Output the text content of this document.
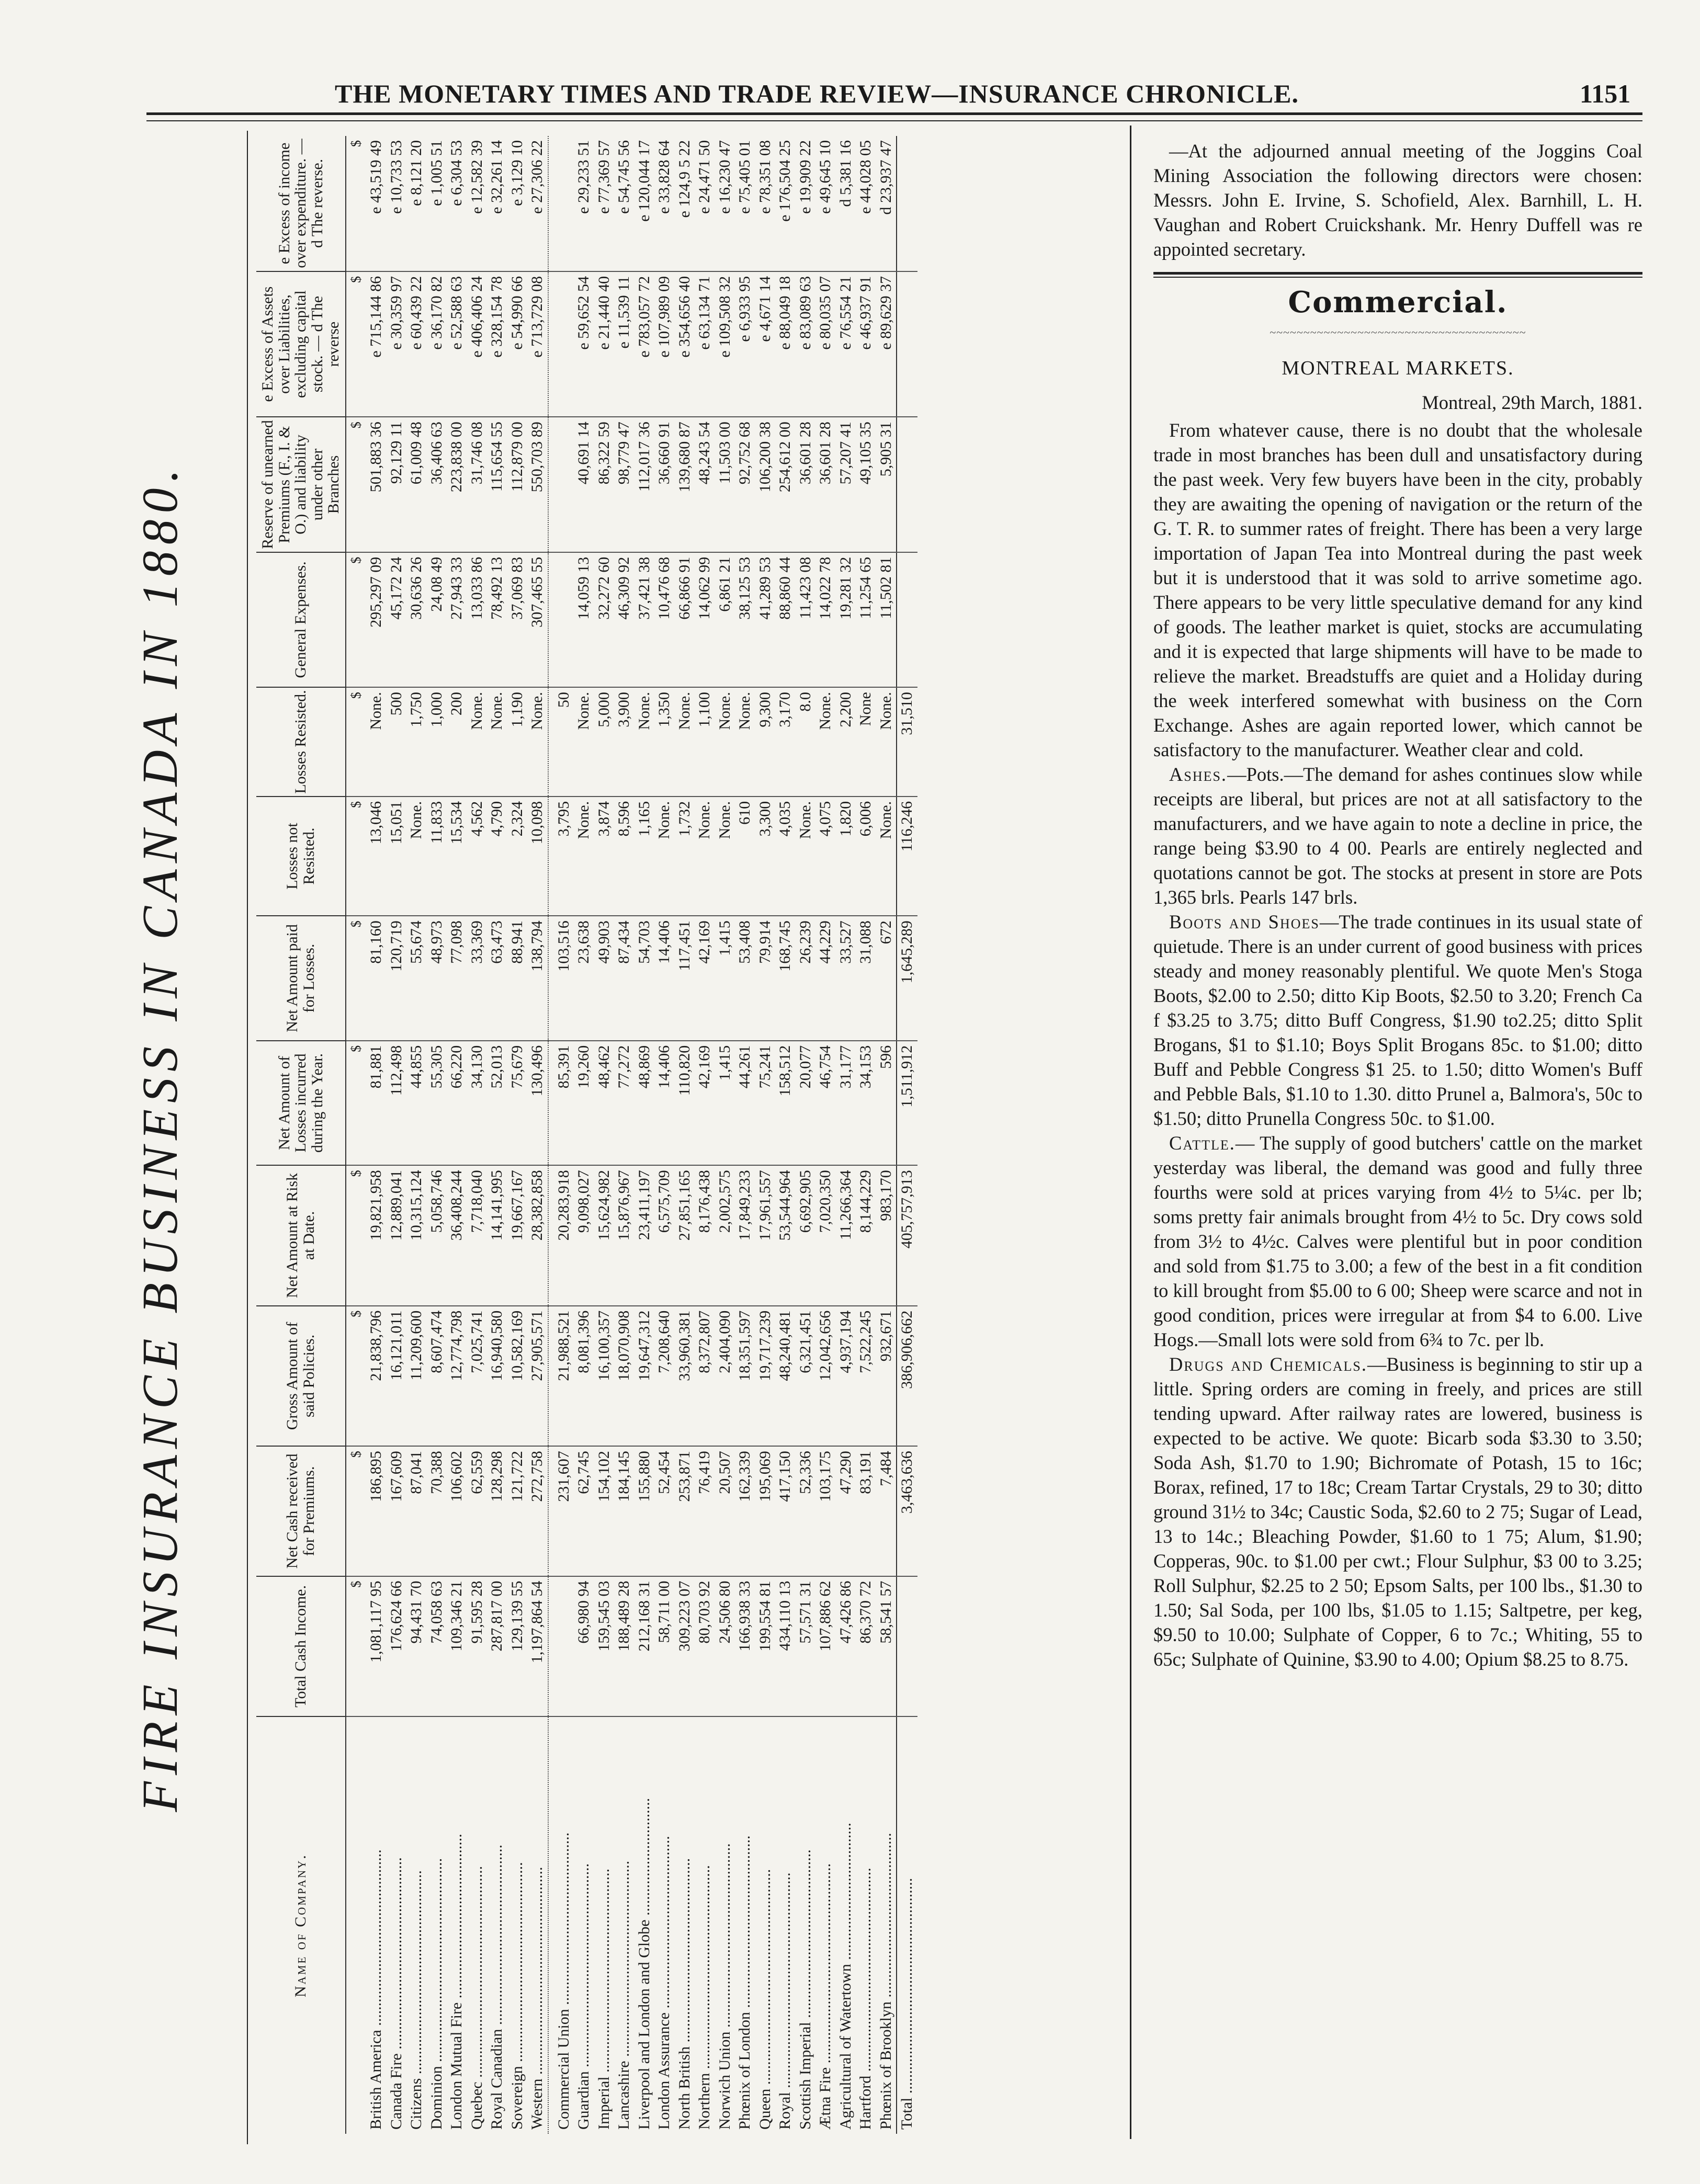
THE MONETARY TIMES AND TRADE REVIEW—INSURANCE CHRONICLE.	1151
FIRE INSURANCE BUSINESS IN CANADA IN 1880.
Name of Company.	Total Cash Income.	Net Cash received for Premiums.	Gross Amount of said Policies.	Net Amount at Risk at Date.	Net Amount of Losses incurred during the Year.	Net Amount paid for Losses.	Losses not Resisted.	Losses Resisted.	General Expenses.	Reserve of unearned Premiums (F., I. & O.) and liability under other Branches	e Excess of Assets over Liabilities, excluding capital stock. — d The reverse	e Excess of income over expenditure. — d The reverse.
	$	$	$	$	$	$	$	$	$	$	$	$
British America .............................................	1,081,117 95	186,895	21,838,796	19,821,958	81,881	81,160	13,046	None.	295,297 09	501,883 36	e 715,144 86	e 43,519 49
Canada Fire .................................................	176,624 66	167,609	16,121,011	12,889,041	112,498	120,719	15,051	500	45,172 24	92,129 11	e 30,359 97	e 10,733 53
Citizens ....................................................	94,431 70	87,041	11,209,600	10,315,124	44,855	55,674	None.	1,750	30,636 26	61,009 48	e 60,439 22	e 8,121 20
Dominion ....................................................	74,058 63	70,388	8,607,474	5,058,746	55,305	48,973	11,833	1,000	24,08 49	36,406 63	e 36,170 82	e 1,005 51
London Mutual Fire ..........................................	109,346 21	106,602	12,774,798	36,408,244	66,220	77,098	15,534	200	27,943 33	223,838 00	e 52,588 63	e 6,304 53
Quebec ......................................................	91,595 28	62,559	7,025,741	7,718,040	34,130	33,369	4,562	None.	13,033 86	31,746 08	e 406,406 24	e 12,582 39
Royal Canadian ..............................................	287,817 00	128,298	16,940,580	14,141,995	52,013	63,473	4,790	None.	78,492 13	115,654 55	e 328,154 78	e 32,261 14
Sovereign ...................................................	129,139 55	121,722	10,582,169	19,667,167	75,679	88,941	2,324	1,190	37,069 83	112,879 00	e 54,990 66	e 3,129 10
Western .....................................................	1,197,864 54	272,758	27,905,571	28,382,858	130,496	138,794	10,098	None.	307,465 55	550,703 89	e 713,729 08	e 27,306 22

Commercial Union ............................................		231,607	21,988,521	20,283,918	85,391	103,516	3,795	50				
Guardian ....................................................	66,980 94	62,745	8,081,396	9,098,027	19,260	23,638	None.	None.	14,059 13	40,691 14	e 59,652 54	e 29,233 51
Imperial ....................................................	159,545 03	154,102	16,100,357	15,624,982	48,462	49,903	3,874	5,000	32,272 60	86,322 59	e 21,440 40	e 77,369 57
Lancashire ..................................................	188,489 28	184,145	18,070,908	15,876,967	77,272	87,434	8,596	3,900	46,309 92	98,779 47	e 11,539 11	e 54,745 56
Liverpool and London and Globe ..............................	212,168 31	155,880	19,647,312	23,411,197	48,869	54,703	1,165	None.	37,421 38	112,017 36	e 783,057 72	e 120,044 17
London Assurance ............................................	58,711 00	52,454	7,208,640	6,575,709	14,406	14,406	None.	1,350	10,476 68	36,660 91	e 107,989 09	e 33,828 64
North British ...............................................	309,223 07	253,871	33,960,381	27,851,165	110,820	117,451	1,732	None.	66,866 91	139,680 87	e 354,656 40	e 124,9 5 22
Northern ....................................................	80,703 92	76,419	8,372,807	8,176,438	42,169	42,169	None.	1,100	14,062 99	48,243 54	e 63,134 71	e 24,471 50
Norwich Union ...............................................	24,506 80	20,507	2,404,090	2,002,575	1,415	1,415	None.	None.	6,861 21	11,503 00	e 109,508 32	e 16,230 47
Phœnix of London ............................................	166,938 33	162,339	18,351,597	17,849,233	44,261	53,408	610	None.	38,125 53	92,752 68	e 6,933 95	e 75,405 01
Queen .......................................................	199,554 81	195,069	19,717,239	17,961,557	75,241	79,914	3,300	9,300	41,289 53	106,200 38	e 4,671 14	e 78,351 08
Royal .......................................................	434,110 13	417,150	48,240,481	53,544,964	158,512	168,745	4,035	3,170	88,860 44	254,612 00	e 88,049 18	e 176,504 25
Scottish Imperial ...........................................	57,571 31	52,336	6,321,451	6,692,905	20,077	26,239	None.	8.0	11,423 08	36,601 28	e 83,089 63	e 19,909 22
Ætna Fire ...................................................	107,886 62	103,175	12,042,656	7,020,350	46,754	44,229	4,075	None.	14,022 78	36,601 28	e 80,035 07	e 49,645 10
Agricultural of Watertown ...................................	47,426 86	47,290	4,937,194	11,266,364	31,177	33,527	1,820	2,200	19,281 32	57,207 41	e 76,554 21	d 5,381 16
Hartford ....................................................	86,370 72	83,191	7,522,245	8,144,229	34,153	31,088	6,006	None	11,254 65	49,105 35	e 46,937 91	e 44,028 05
Phœnix of Brooklyn ..........................................	58,541 57	7,484	932,671	983,170	596	672	None.	None.	11,502 81	5,905 31	e 89,629 37	d 23,937 47
Total .......................................................		3,463,636	386,906,662	405,757,913	1,511,912	1,645,289	116,246	31,510				

—At the adjourned annual meeting of the Joggins Coal Mining Association the following directors were chosen: Messrs. John E. Irvine, S. Schofield, Alex. Barnhill, L. H. Vaughan and Robert Cruickshank. Mr. Henry Duffell was re appointed secretary.

Commercial.
~~~~~~~~~~~~~~~~~~~~~~~~~~~~~~~~~~~~~~
MONTREAL MARKETS.

Montreal, 29th March, 1881.

From whatever cause, there is no doubt that the wholesale trade in most branches has been dull and unsatisfactory during the past week. Very few buyers have been in the city, probably they are awaiting the opening of navigation or the return of the G. T. R. to summer rates of freight. There has been a very large importation of Japan Tea into Montreal during the past week but it is understood that it was sold to arrive sometime ago. There appears to be very little speculative demand for any kind of goods. The leather market is quiet, stocks are accumulating and it is expected that large shipments will have to be made to relieve the market. Breadstuffs are quiet and a Holiday during the week interfered somewhat with business on the Corn Exchange. Ashes are again reported lower, which cannot be satisfactory to the manufacturer. Weather clear and cold.

Ashes.—Pots.—The demand for ashes continues slow while receipts are liberal, but prices are not at all satisfactory to the manufacturers, and we have again to note a decline in price, the range being $3.90 to 4 00. Pearls are entirely neglected and quotations cannot be got. The stocks at present in store are Pots 1,365 brls. Pearls 147 brls.

Boots and Shoes—The trade continues in its usual state of quietude. There is an under current of good business with prices steady and money reasonably plentiful. We quote Men's Stoga Boots, $2.00 to 2.50; ditto Kip Boots, $2.50 to 3.20; French Ca f $3.25 to 3.75; ditto Buff Congress, $1.90 to2.25; ditto Split Brogans, $1 to $1.10; Boys Split Brogans 85c. to $1.00; ditto Buff and Pebble Congress $1 25. to 1.50; ditto Women's Buff and Pebble Bals, $1.10 to 1.30. ditto Prunel a, Balmora's, 50c to $1.50; ditto Prunella Congress 50c. to $1.00.

Cattle.— The supply of good butchers' cattle on the market yesterday was liberal, the demand was good and fully three fourths were sold at prices varying from 4½ to 5¼c. per lb; soms pretty fair animals brought from 4½ to 5c. Dry cows sold from 3½ to 4½c. Calves were plentiful but in poor condition and sold from $1.75 to 3.00; a few of the best in a fit condition to kill brought from $5.00 to 6 00; Sheep were scarce and not in good condition, prices were irregular at from $4 to 6.00. Live Hogs.—Small lots were sold from 6¾ to 7c. per lb.

Drugs and Chemicals.—Business is beginning to stir up a little. Spring orders are coming in freely, and prices are still tending upward. After railway rates are lowered, business is expected to be active. We quote: Bicarb soda $3.30 to 3.50; Soda Ash, $1.70 to 1.90; Bichromate of Potash, 15 to 16c; Borax, refined, 17 to 18c; Cream Tartar Crystals, 29 to 30; ditto ground 31½ to 34c; Caustic Soda, $2.60 to 2 75; Sugar of Lead, 13 to 14c.; Bleaching Powder, $1.60 to 1 75; Alum, $1.90; Copperas, 90c. to $1.00 per cwt.; Flour Sulphur, $3 00 to 3.25; Roll Sulphur, $2.25 to 2 50; Epsom Salts, per 100 lbs., $1.30 to 1.50; Sal Soda, per 100 lbs, $1.05 to 1.15; Saltpetre, per keg, $9.50 to 10.00; Sulphate of Copper, 6 to 7c.; Whiting, 55 to 65c; Sulphate of Quinine, $3.90 to 4.00; Opium $8.25 to 8.75.
